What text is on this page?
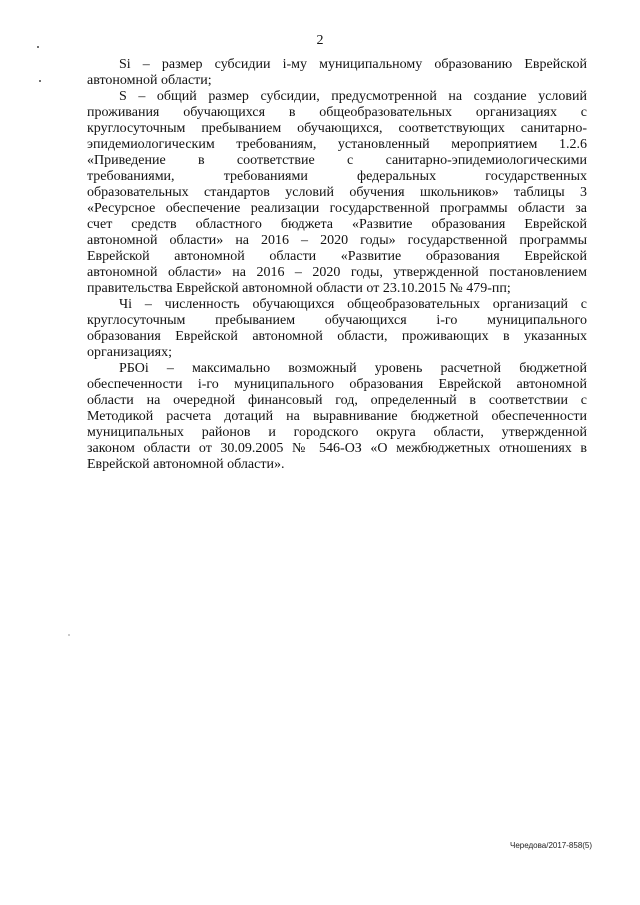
2

Si – размер субсидии i-му муниципальному образованию Еврейской
автономной области;

S – общий размер субсидии, предусмотренной на создание условий
проживания обучающихся в общеобразовательных организациях с
круглосуточным пребыванием обучающихся, соответствующих санитарно-
эпидемиологическим требованиям, установленный мероприятием 1.2.6
«Приведение в соответствие с санитарно-эпидемиологическими
требованиями, требованиями федеральных государственных
образовательных стандартов условий обучения школьников» таблицы 3
«Ресурсное обеспечение реализации государственной программы области за
счет средств областного бюджета «Развитие образования Еврейской
автономной области» на 2016 – 2020 годы» государственной программы
Еврейской автономной области «Развитие образования Еврейской
автономной области» на 2016 – 2020 годы, утвержденной постановлением
правительства Еврейской автономной области от 23.10.2015 № 479-пп;

Чi – численность обучающихся общеобразовательных организаций с
круглосуточным пребыванием обучающихся i-го муниципального
образования Еврейской автономной области, проживающих в указанных
организациях;

РБОi – максимально возможный уровень расчетной бюджетной
обеспеченности i-го муниципального образования Еврейской автономной
области на очередной финансовый год, определенный в соответствии с
Методикой расчета дотаций на выравнивание бюджетной обеспеченности
муниципальных районов и городского округа области, утвержденной
законом области от 30.09.2005 № 546-ОЗ «О межбюджетных отношениях в
Еврейской автономной области».

Чередова/2017-858(5)
